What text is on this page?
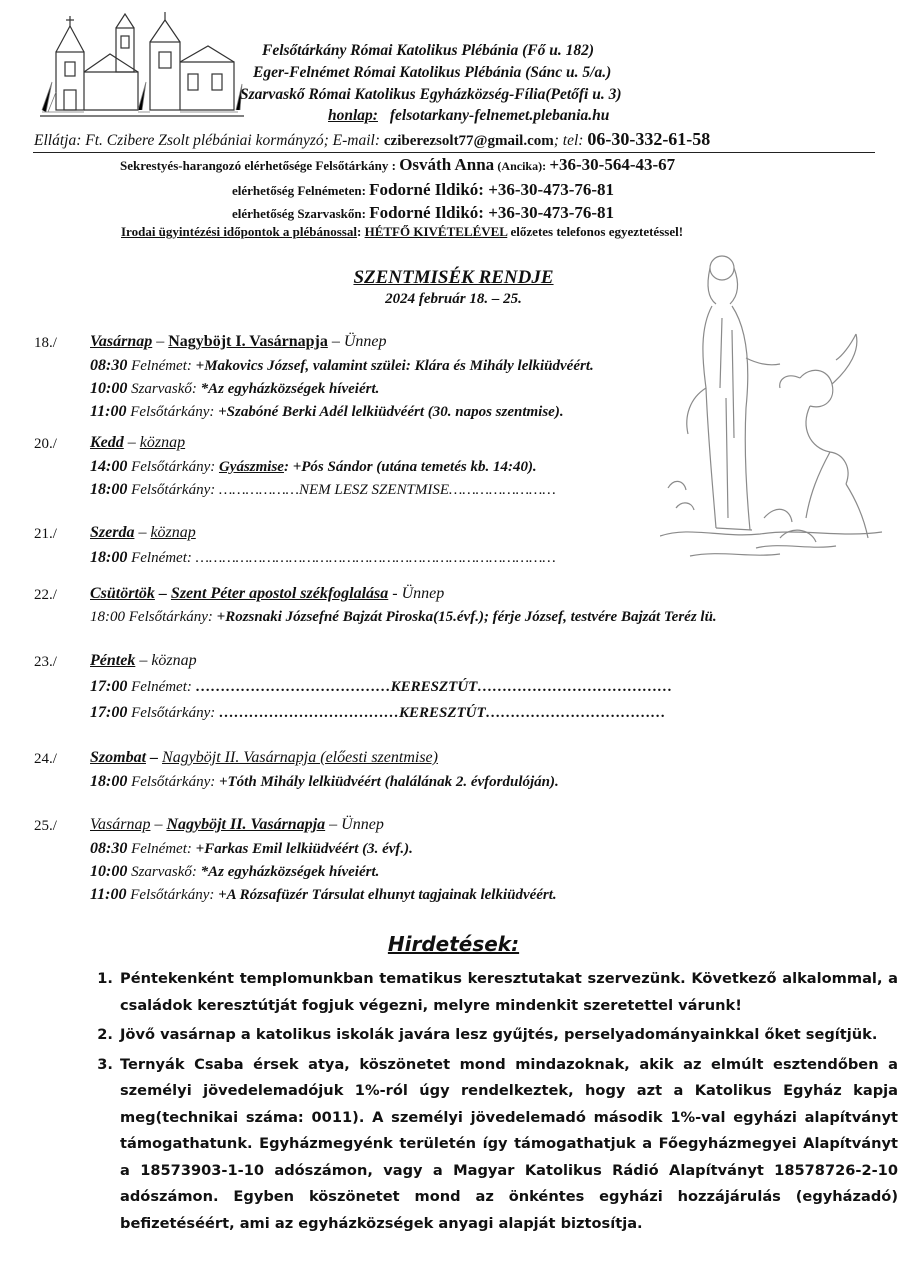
Felsőtárkány Római Katolikus Plébánia (Fő u. 182)
Eger-Felnémet Római Katolikus Plébánia (Sánc u. 5/a.)
Szarvaskő Római Katolikus Egyházközség-Fília(Petőfi u. 3)
honlap: felsotarkany-felnemet.plebania.hu
Ellátja: Ft. Czibere Zsolt plébániai kormányzó; E-mail: cziberezsolt77@gmail.com; tel: 06-30-332-61-58
Sekrestyés-harangozó elérhetősége Felsőtárkány : Osváth Anna (Ancika): +36-30-564-43-67
elérhetőség Felnémeten: Fodorné Ildikó: +36-30-473-76-81
elérhetőség Szarvaskőn: Fodorné Ildikó: +36-30-473-76-81
Irodai ügyintézési időpontok a plébánossal: HÉTFŐ KIVÉTELÉVEL előzetes telefonos egyeztetéssel!
SZENTMISÉK RENDJE
2024 február 18. – 25.
18./ Vasárnap – Nagyböjt I. Vasárnapja – Ünnep
08:30 Felnémet: +Makovics József, valamint szülei: Klára és Mihály lelkiüdvéért.
10:00 Szarvaskő: *Az egyházközségek híveiért.
11:00 Felsőtárkány: +Szabóné Berki Adél lelkiüdvéért (30. napos szentmise).
20./ Kedd – köznap
14:00 Felsőtárkány: Gyászmise: +Pós Sándor (utána temetés kb. 14:40).
18:00 Felsőtárkány: ………………NEM LESZ SZENTMISE……………………
21./ Szerda – köznap
18:00 Felnémet: ………………………………………………………………………
22./ Csütörtök – Szent Péter apostol székfoglalása - Ünnep
18:00 Felsőtárkány: +Rozsnaki Józsefné Bajzát Piroska(15.évf.); férje József, testvére Bajzát Teréz lü.
23./ Péntek – köznap
17:00 Felnémet: …………………………………KERESZTÚT…………………………………
17:00 Felsőtárkány: ………………………………KERESZTÚT………………………………
24./ Szombat – Nagyböjt II. Vasárnapja (előesti szentmise)
18:00 Felsőtárkány: +Tóth Mihály lelkiüdvéért (halálának 2. évfordulóján).
25./ Vasárnap – Nagyböjt II. Vasárnapja – Ünnep
08:30 Felnémet: +Farkas Emil lelkiüdvéért (3. évf.).
10:00 Szarvaskő: *Az egyházközségek híveiért.
11:00 Felsőtárkány: +A Rózsafüzér Társulat elhunyt tagjainak lelkiüdvéért.
Hirdetések:
1. Péntekenként templomunkban tematikus keresztutakat szervezünk. Következő alkalommal, a családok keresztútját fogjuk végezni, melyre mindenkit szeretettel várunk!
2. Jövő vasárnap a katolikus iskolák javára lesz gyűjtés, perselyadományainkkal őket segítjük.
3. Ternyák Csaba érsek atya, köszönetet mond mindazoknak, akik az elmúlt esztendőben a személyi jövedelemadójuk 1%-ról úgy rendelkeztek, hogy azt a Katolikus Egyház kapja meg(technikai száma: 0011). A személyi jövedelemadó második 1%-val egyházi alapítványt támogathatunk. Egyházmegyénk területén így támogathatjuk a Főegyházmegyei Alapítványt a 18573903-1-10 adószámon, vagy a Magyar Katolikus Rádió Alapítványt 18578726-2-10 adószámon. Egyben köszönetet mond az önkéntes egyházi hozzájárulás (egyházadó) befizetéséért, ami az egyházközségek anyagi alapját biztosítja.
